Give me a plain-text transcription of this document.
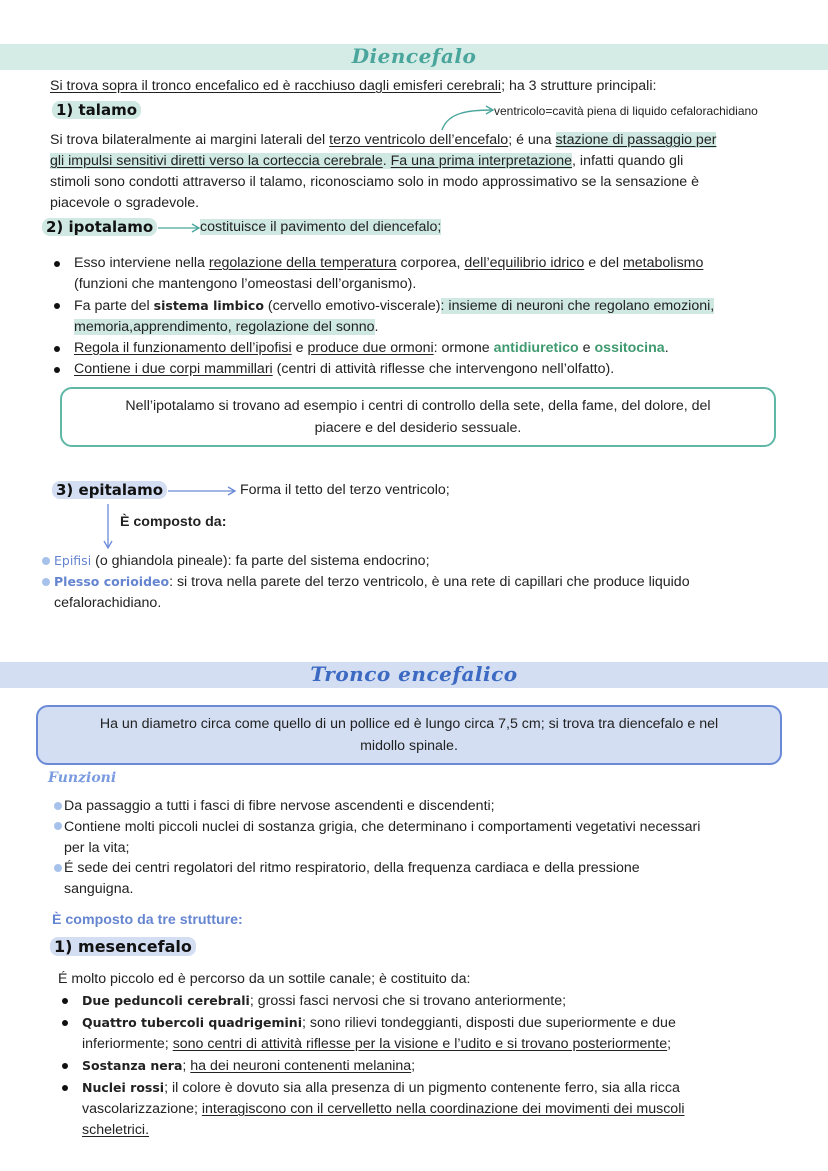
Diencefalo
Si trova sopra il tronco encefalico ed è racchiuso dagli emisferi cerebrali; ha 3 strutture principali:
1) talamo	ventricolo=cavità piena di liquido cefalorachidiano
Si trova bilateralmente ai margini laterali del terzo ventricolo dell’encefalo; é una stazione di passaggio per
gli impulsi sensitivi diretti verso la corteccia cerebrale. Fa una prima interpretazione, infatti quando gli
stimoli sono condotti attraverso il talamo, riconosciamo solo in modo approssimativo se la sensazione è
piacevole o sgradevole.
2) ipotalamo	costituisce il pavimento del diencefalo;
Esso interviene nella regolazione della temperatura corporea, dell’equilibrio idrico e del metabolismo
(funzioni che mantengono l’omeostasi dell’organismo).
Fa parte del sistema limbico (cervello emotivo-viscerale): insieme di neuroni che regolano emozioni,
memoria,apprendimento, regolazione del sonno.
Regola il funzionamento dell’ipofisi e produce due ormoni: ormone antidiuretico e ossitocina.
Contiene i due corpi mammillari (centri di attività riflesse che intervengono nell’olfatto).
Nell’ipotalamo si trovano ad esempio i centri di controllo della sete, della fame, del dolore, del
piacere e del desiderio sessuale.
3) epitalamo	Forma il tetto del terzo ventricolo;
È composto da:
Epifisi (o ghiandola pineale): fa parte del sistema endocrino;
Plesso corioideo: si trova nella parete del terzo ventricolo, è una rete di capillari che produce liquido
cefalorachidiano.
Tronco encefalico
Ha un diametro circa come quello di un pollice ed è lungo circa 7,5 cm; si trova tra diencefalo e nel
midollo spinale.
Funzioni
Da passaggio a tutti i fasci di fibre nervose ascendenti e discendenti;
Contiene molti piccoli nuclei di sostanza grigia, che determinano i comportamenti vegetativi necessari
per la vita;
É sede dei centri regolatori del ritmo respiratorio, della frequenza cardiaca e della pressione
sanguigna.
È composto da tre strutture:
1) mesencefalo
É molto piccolo ed è percorso da un sottile canale; è costituito da:
Due peduncoli cerebrali; grossi fasci nervosi che si trovano anteriormente;
Quattro tubercoli quadrigemini; sono rilievi tondeggianti, disposti due superiormente e due
inferiormente; sono centri di attività riflesse per la visione e l’udito e si trovano posteriormente;
Sostanza nera; ha dei neuroni contenenti melanina;
Nuclei rossi; il colore è dovuto sia alla presenza di un pigmento contenente ferro, sia alla ricca
vascolarizzazione; interagiscono con il cervelletto nella coordinazione dei movimenti dei muscoli
scheletrici.
